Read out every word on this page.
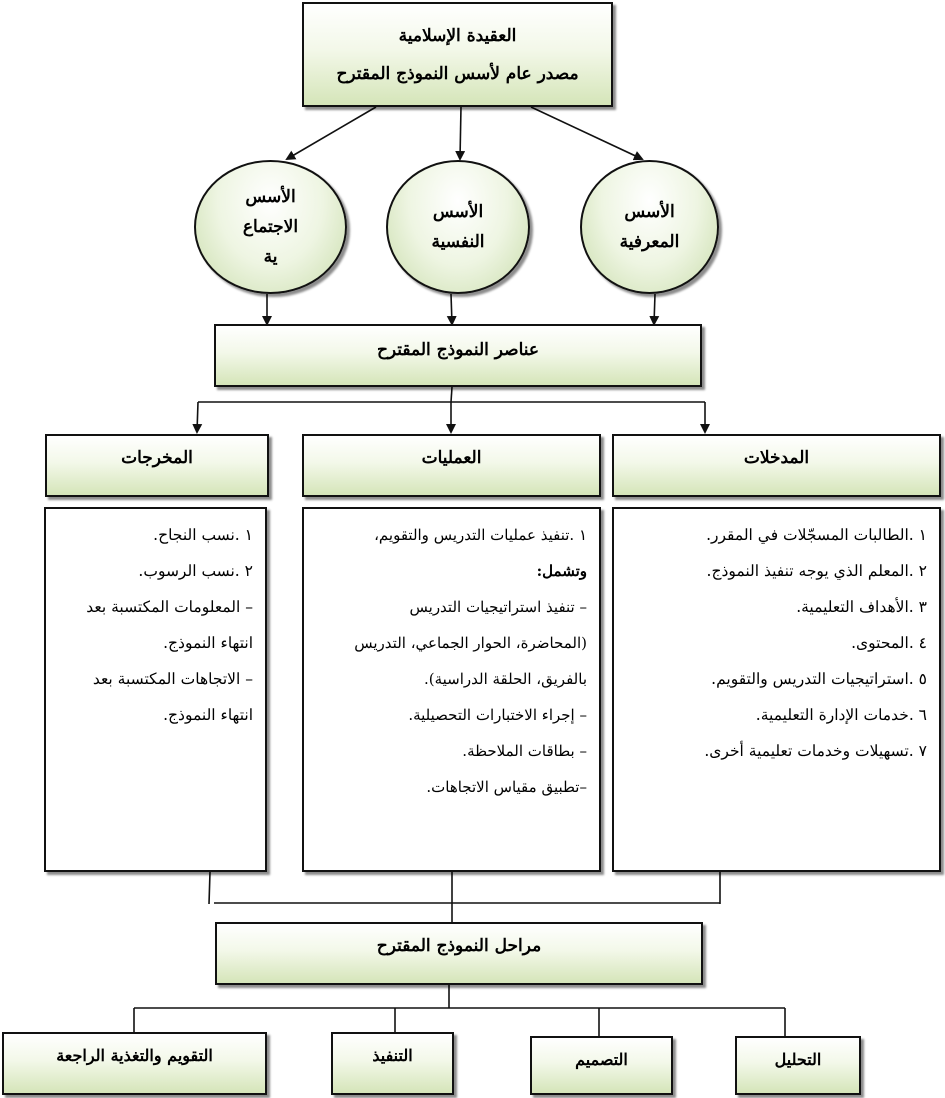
العقيدة الإسلامية
مصدر عام لأسس النموذج المقترح
الأسس
الاجتماع
ية
الأسس
النفسية
الأسس
المعرفية
عناصر النموذج المقترح
المخرجات	العمليات	المدخلات
١ .نسب النجاح.
٢ .نسب الرسوب.
– المعلومات المكتسبة بعد
انتهاء النموذج.
– الاتجاهات المكتسبة بعد
انتهاء النموذج.
١ .تنفيذ عمليات التدريس والتقويم،
وتشمل:
– تنفيذ استراتيجيات التدريس
(المحاضرة، الحوار الجماعي، التدريس
بالفريق، الحلقة الدراسية).
– إجراء الاختبارات التحصيلية.
– بطاقات الملاحظة.
–تطبيق مقياس الاتجاهات.
١ .الطالبات المسجّلات في المقرر.
٢ .المعلم الذي يوجه تنفيذ النموذج.
٣ .الأهداف التعليمية.
٤ .المحتوى.
٥ .استراتيجيات التدريس والتقويم.
٦ .خدمات الإدارة التعليمية.
٧ .تسهيلات وخدمات تعليمية أخرى.
مراحل النموذج المقترح
التقويم والتغذية الراجعة	التنفيذ	التصميم	التحليل
